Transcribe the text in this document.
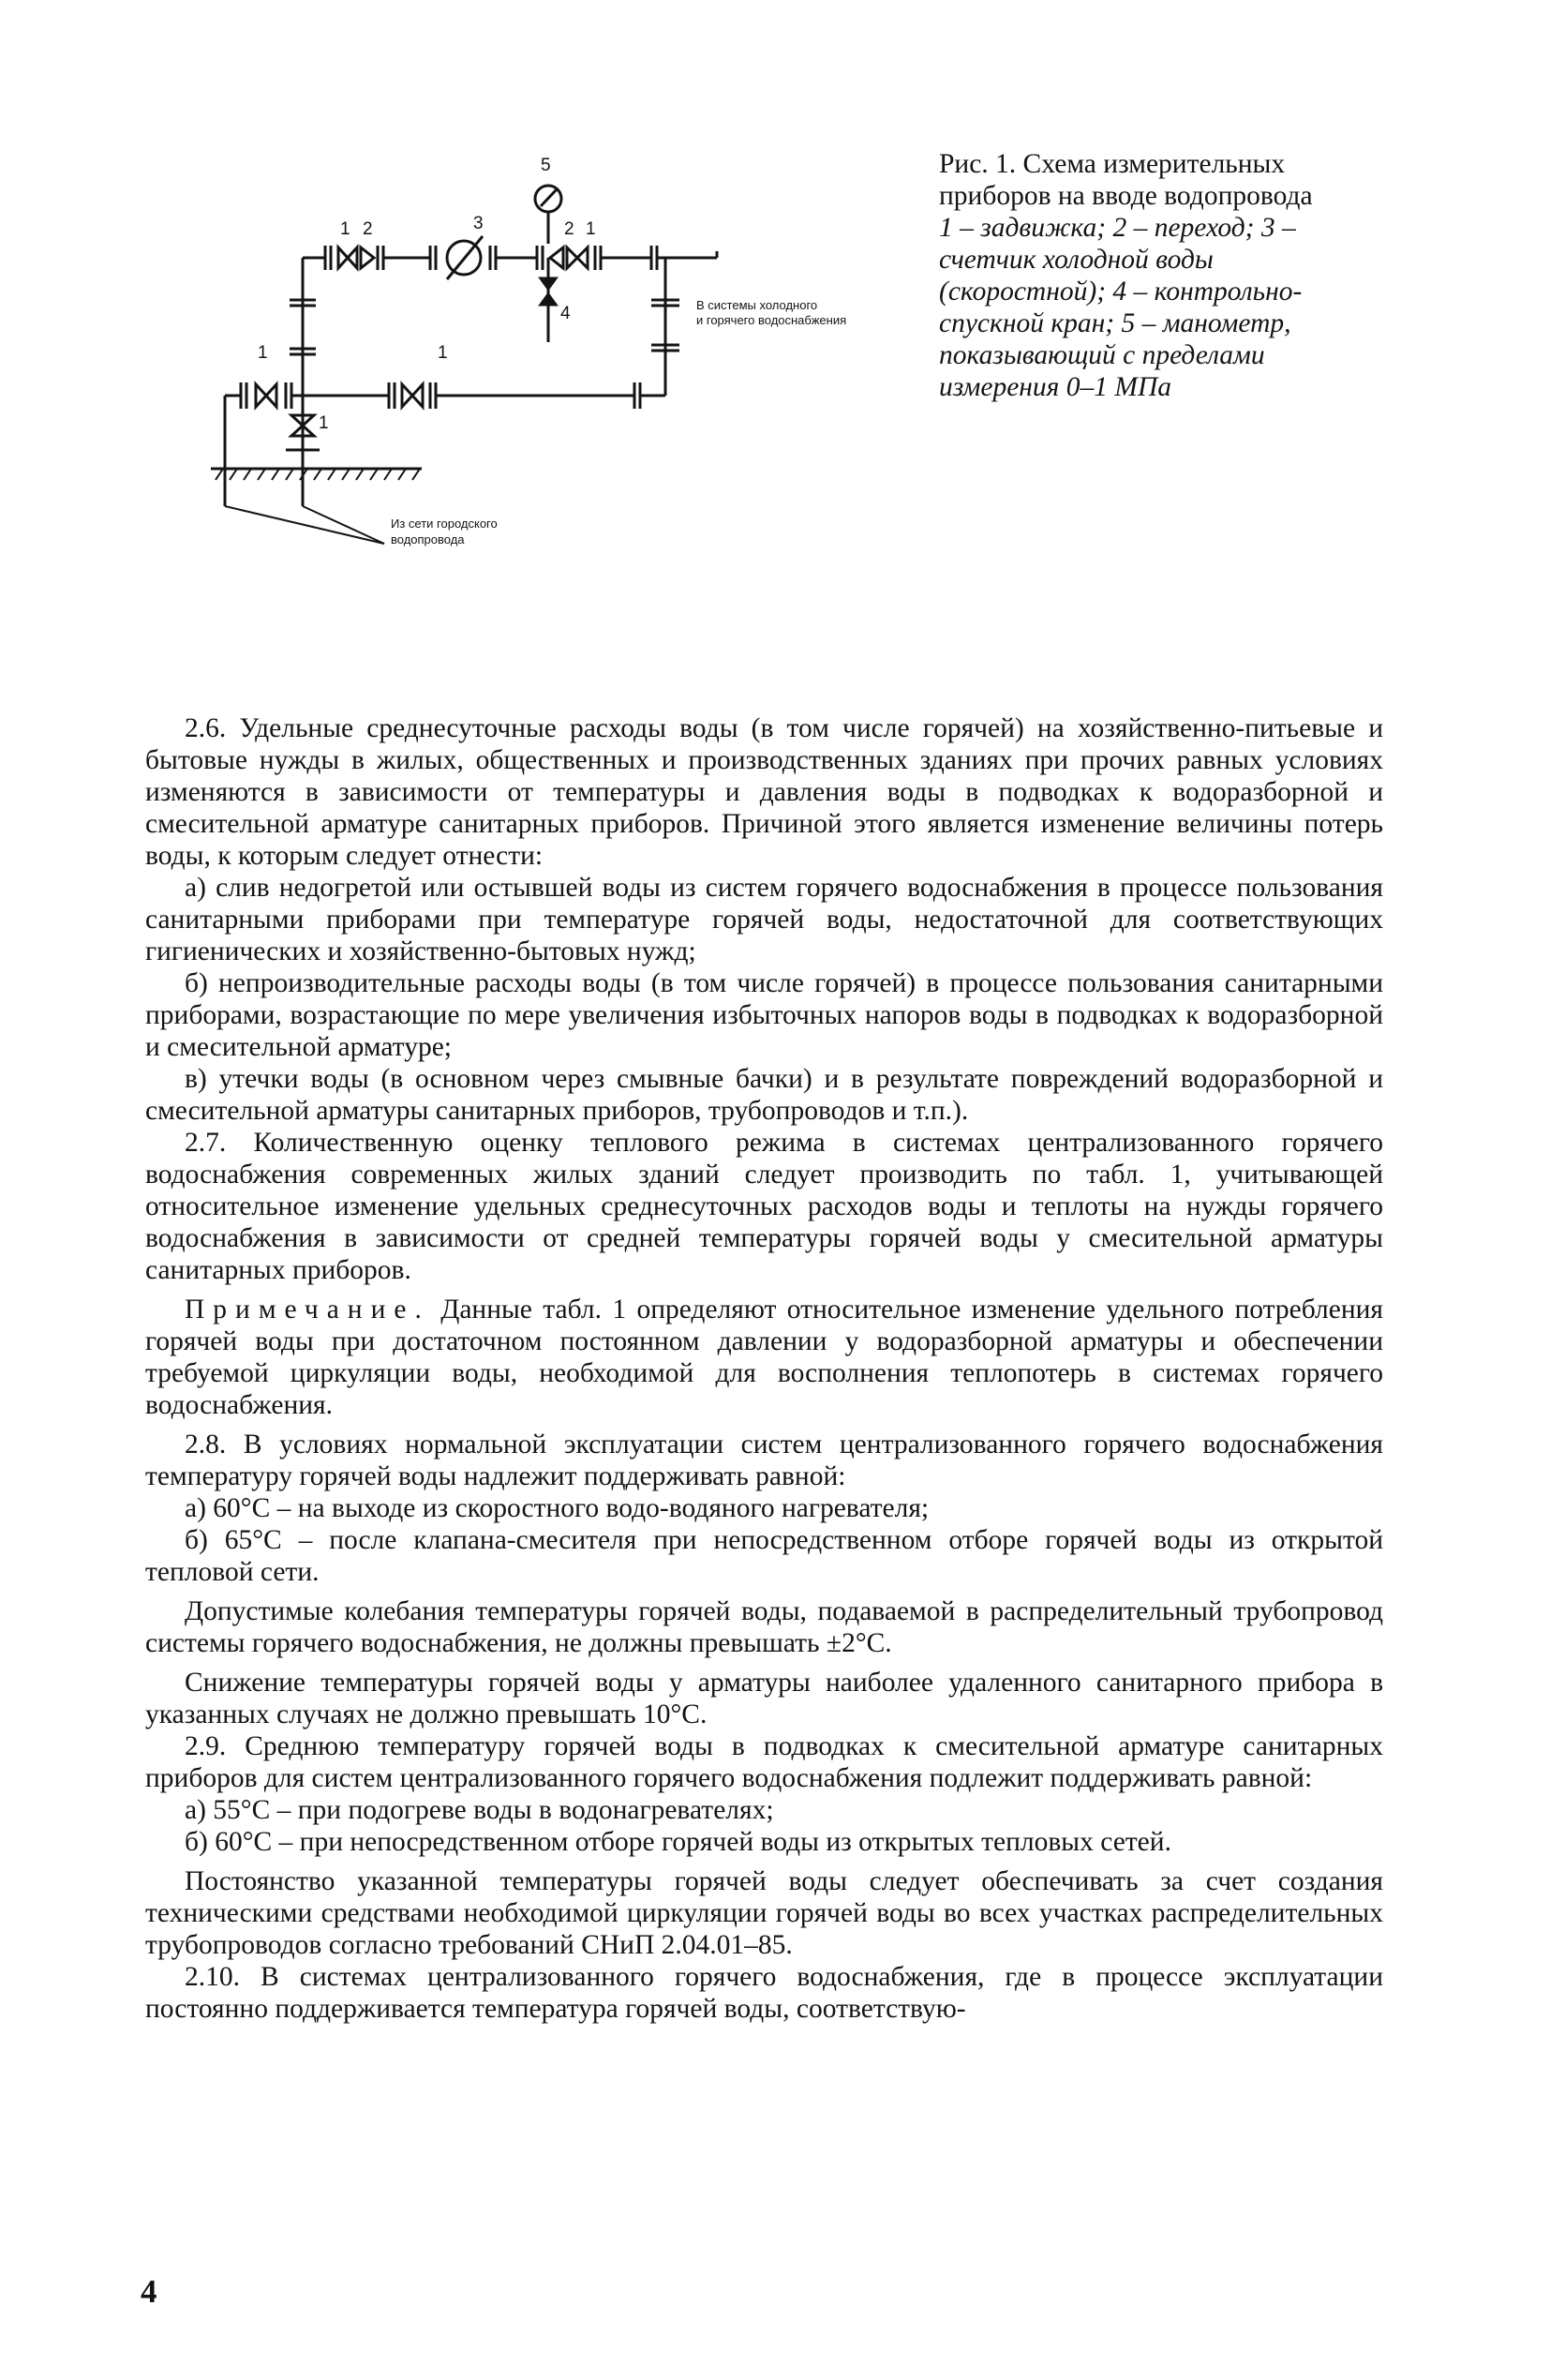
5
1 2	3	2 1
4
1	1
1
В системы холодного
и горячего водоснабжения
Из сети городского
водопровода
Рис. 1. Схема измерительных приборов на вводе водопровода
1 – задвижка; 2 – переход; 3 – счетчик холодной воды (скоростной); 4 – контрольно-спускной кран; 5 – манометр, показывающий с пределами измерения 0–1 МПа

2.6. Удельные среднесуточные расходы воды (в том числе горячей) на хозяйственно-питьевые и бытовые нужды в жилых, общественных и производственных зданиях при прочих равных условиях изменяются в зависимости от температуры и давления воды в подводках к водоразборной и смесительной арматуре санитарных приборов. Причиной этого является изменение величины потерь воды, к которым следует отнести:

а) слив недогретой или остывшей воды из систем горячего водоснабжения в процессе пользования санитарными приборами при температуре горячей воды, недостаточной для соответствующих гигиенических и хозяйственно-бытовых нужд;

б) непроизводительные расходы воды (в том числе горячей) в процессе пользования санитарными приборами, возрастающие по мере увеличения избыточных напоров воды в подводках к водоразборной и смесительной арматуре;

в) утечки воды (в основном через смывные бачки) и в результате повреждений водоразборной и смесительной арматуры санитарных приборов, трубопроводов и т.п.).

2.7. Количественную оценку теплового режима в системах централизованного горячего водоснабжения современных жилых зданий следует производить по табл. 1, учитывающей относительное изменение удельных среднесуточных расходов воды и теплоты на нужды горячего водоснабжения в зависимости от средней температуры горячей воды у смесительной арматуры санитарных приборов.

Примечание. Данные табл. 1 определяют относительное изменение удельного потребления горячей воды при достаточном постоянном давлении у водоразборной арматуры и обеспечении требуемой циркуляции воды, необходимой для восполнения теплопотерь в системах горячего водоснабжения.

2.8. В условиях нормальной эксплуатации систем централизованного горячего водоснабжения температуру горячей воды надлежит поддерживать равной:

а) 60°С – на выходе из скоростного водо-водяного нагревателя;

б) 65°С – после клапана-смесителя при непосредственном отборе горячей воды из открытой тепловой сети.

Допустимые колебания температуры горячей воды, подаваемой в распределительный трубопровод системы горячего водоснабжения, не должны превышать ±2°С.

Снижение температуры горячей воды у арматуры наиболее удаленного санитарного прибора в указанных случаях не должно превышать 10°С.

2.9. Среднюю температуру горячей воды в подводках к смесительной арматуре санитарных приборов для систем централизованного горячего водоснабжения подлежит поддерживать равной:

а) 55°С – при подогреве воды в водонагревателях;

б) 60°С – при непосредственном отборе горячей воды из открытых тепловых сетей.

Постоянство указанной температуры горячей воды следует обеспечивать за счет создания техническими средствами необходимой циркуляции горячей воды во всех участках распределительных трубопроводов согласно требований СНиП 2.04.01–85.

2.10. В системах централизованного горячего водоснабжения, где в процессе эксплуатации постоянно поддерживается температура горячей воды, соответствую-

4
